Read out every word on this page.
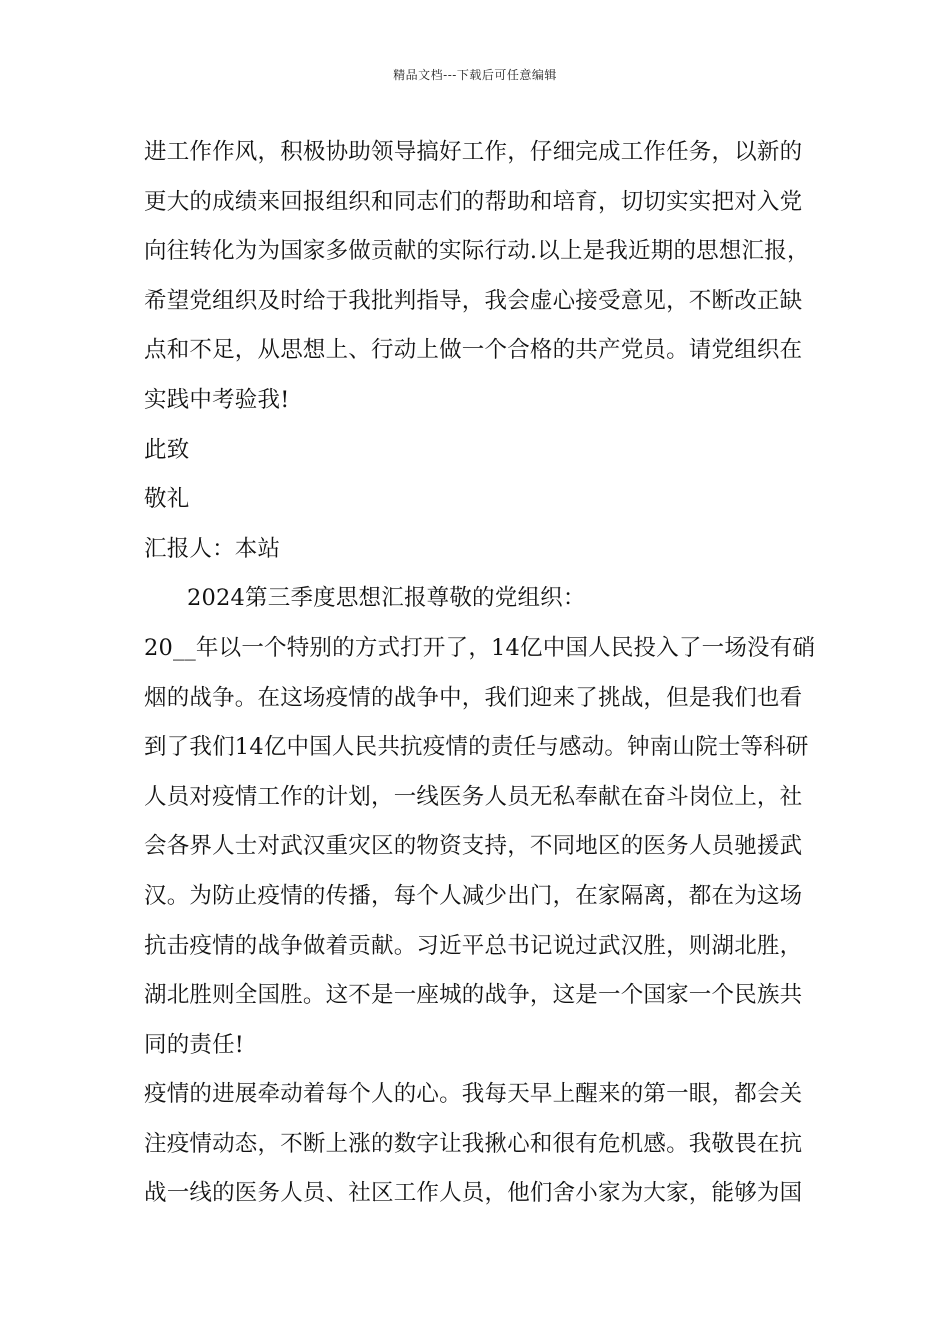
精品文档---下载后可任意编辑
进工作作风，积极协助领导搞好工作，仔细完成工作任务，以新的
更大的成绩来回报组织和同志们的帮助和培育，切切实实把对入党
向往转化为为国家多做贡献的实际行动.以上是我近期的思想汇报，
希望党组织及时给于我批判指导，我会虚心接受意见，不断改正缺
点和不足，从思想上、行动上做一个合格的共产党员。请党组织在
实践中考验我!
此致
敬礼
汇报人：本站
2024第三季度思想汇报尊敬的党组织：
20__年以一个特别的方式打开了，14亿中国人民投入了一场没有硝
烟的战争。在这场疫情的战争中，我们迎来了挑战，但是我们也看
到了我们14亿中国人民共抗疫情的责任与感动。钟南山院士等科研
人员对疫情工作的计划，一线医务人员无私奉献在奋斗岗位上，社
会各界人士对武汉重灾区的物资支持，不同地区的医务人员驰援武
汉。为防止疫情的传播，每个人减少出门，在家隔离，都在为这场
抗击疫情的战争做着贡献。习近平总书记说过武汉胜，则湖北胜，
湖北胜则全国胜。这不是一座城的战争，这是一个国家一个民族共
同的责任!
疫情的进展牵动着每个人的心。我每天早上醒来的第一眼，都会关
注疫情动态，不断上涨的数字让我揪心和很有危机感。我敬畏在抗
战一线的医务人员、社区工作人员，他们舍小家为大家，能够为国
